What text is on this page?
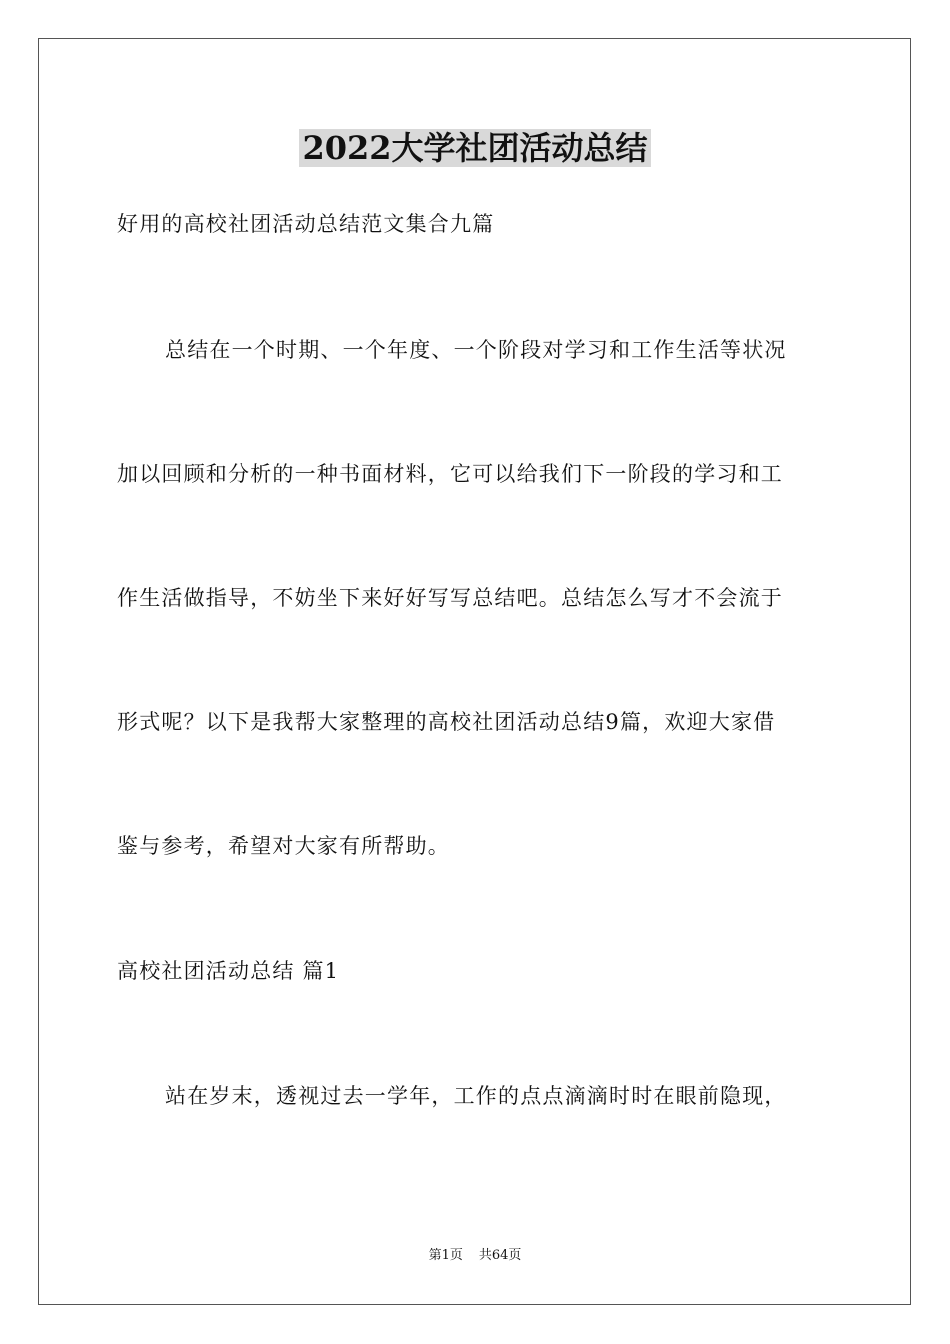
2022大学社团活动总结
好用的高校社团活动总结范文集合九篇
总结在一个时期、一个年度、一个阶段对学习和工作生活等状况
加以回顾和分析的一种书面材料，它可以给我们下一阶段的学习和工
作生活做指导，不妨坐下来好好写写总结吧。总结怎么写才不会流于
形式呢？以下是我帮大家整理的高校社团活动总结9篇，欢迎大家借
鉴与参考，希望对大家有所帮助。
高校社团活动总结 篇1
站在岁末，透视过去一学年，工作的点点滴滴时时在眼前隐现，
第1页 共64页
